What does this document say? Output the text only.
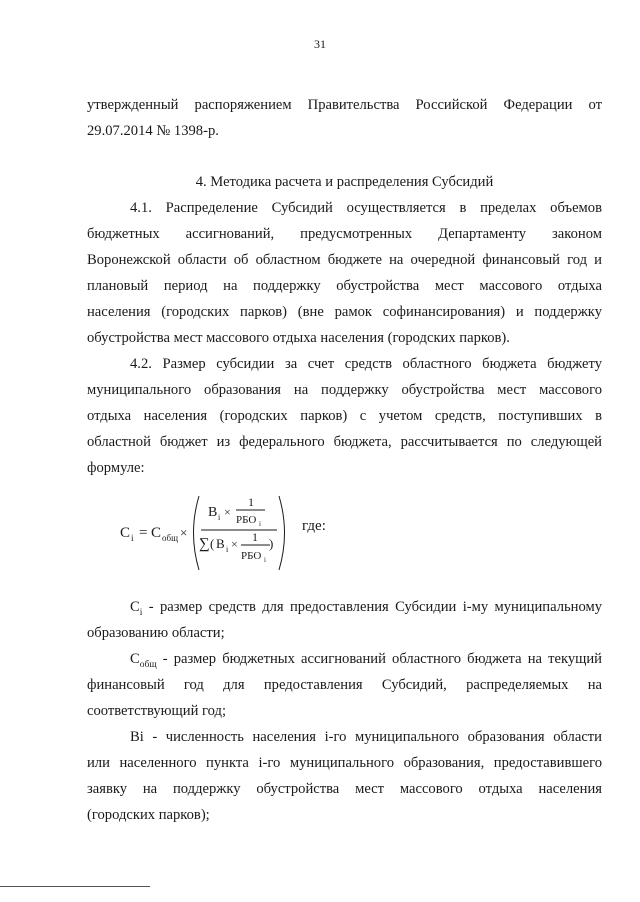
31
утвержденный распоряжением Правительства Российской Федерации от
29.07.2014 № 1398-р.
4. Методика расчета и распределения Субсидий
4.1. Распределение Субсидий осуществляется в пределах объемов
бюджетных ассигнований, предусмотренных Департаменту законом
Воронежской области об областном бюджете на очередной финансовый год и
плановый период на поддержку обустройства мест массового отдыха
населения (городских парков) (вне рамок софинансирования) и поддержку
обустройства мест массового отдыха населения (городских парков).
4.2. Размер субсидии за счет средств областного бюджета бюджету
муниципального образования на поддержку обустройства мест массового
отдыха населения (городских парков) с учетом средств, поступивших в
областной бюджет из федерального бюджета, рассчитывается по следующей
формуле:
C i = C общ ×
B i ×
1
РБО i
∑ ( B i × 1
РБО i
)
где:
$C_i$ - размер средств для предоставления Субсидии i-му муниципальному
образованию области;
$C_{общ}$ - размер бюджетных ассигнований областного бюджета на текущий
финансовый год для предоставления Субсидий, распределяемых на
соответствующий год;
Bi - численность населения i-го муниципального образования области
или населенного пункта i-го муниципального образования, предоставившего
заявку на поддержку обустройства мест массового отдыха населения
(городских парков);
